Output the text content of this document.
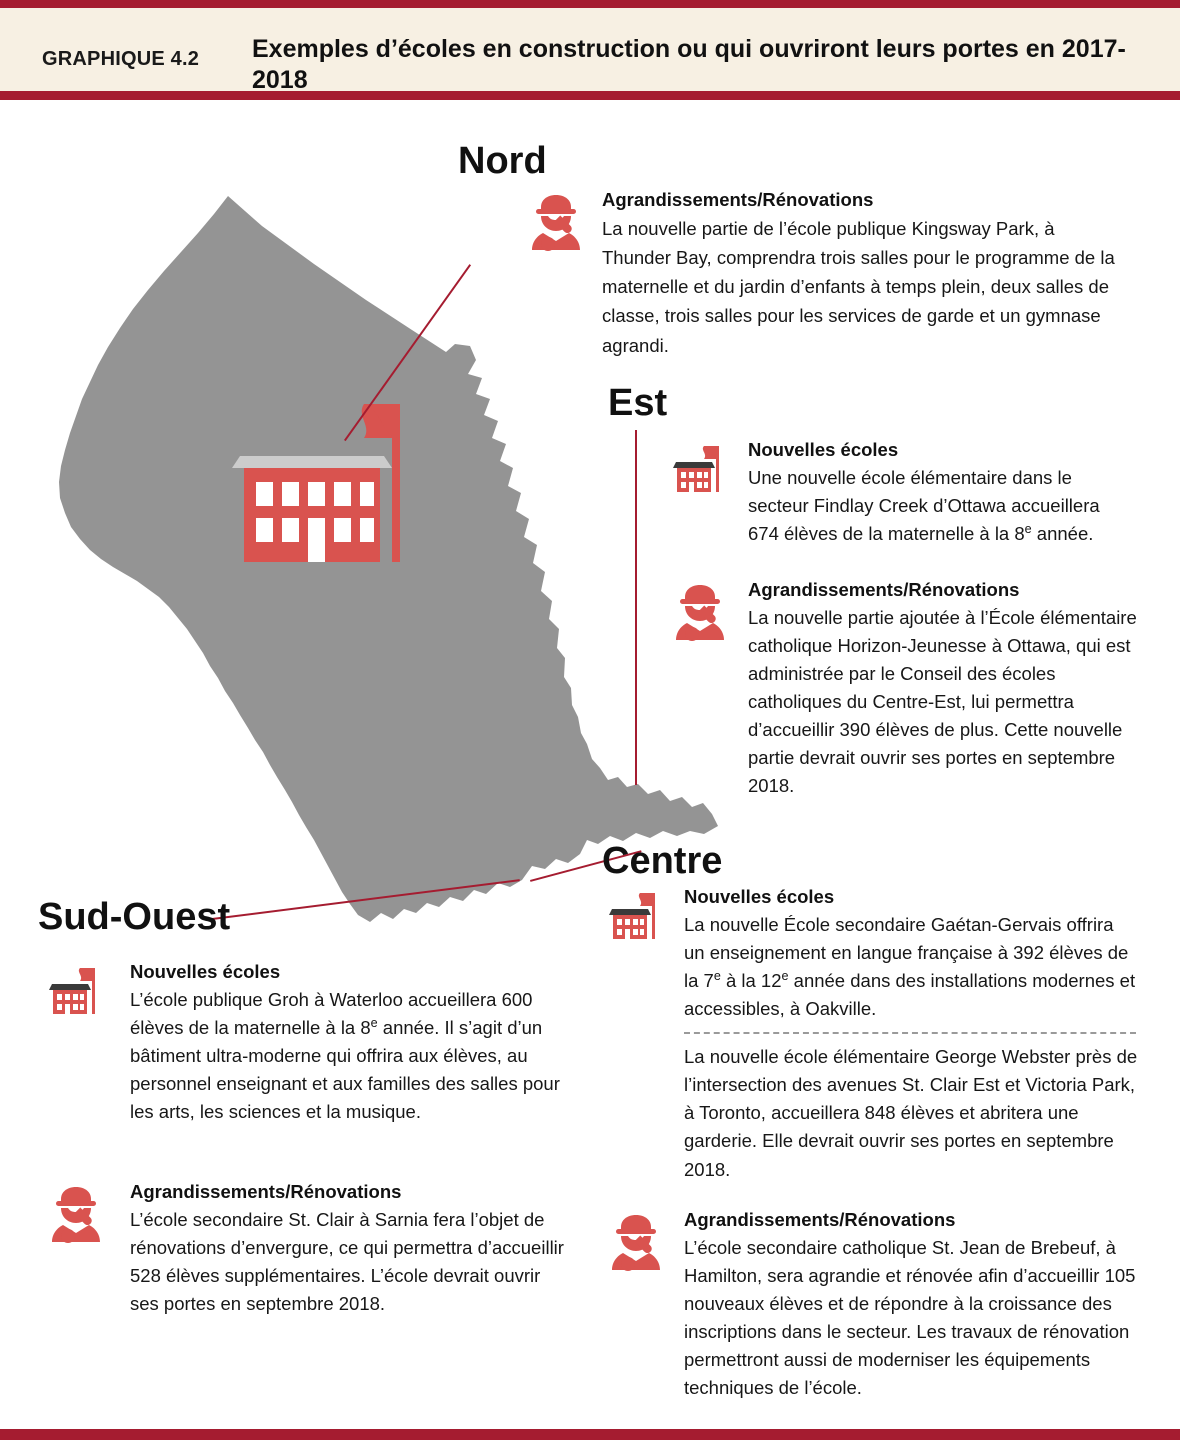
GRAPHIQUE 4.2 Exemples d’écoles en construction ou qui ouvriront leurs portes en 2017-2018
Nord
Est
Centre
Sud-Ouest
Agrandissements/Rénovations

La nouvelle partie de l’école publique Kingsway Park, à Thunder Bay, comprendra trois salles pour le programme de la maternelle et du jardin d’enfants à temps plein, deux salles de classe, trois salles pour les services de garde et un gymnase agrandi.

Nouvelles écoles

Une nouvelle école élémentaire dans le secteur Findlay Creek d’Ottawa accueillera 674 élèves de la maternelle à la 8e année.

Agrandissements/Rénovations

La nouvelle partie ajoutée à l’École élémentaire catholique Horizon-Jeunesse à Ottawa, qui est administrée par le Conseil des écoles catholiques du Centre-Est, lui permettra d’accueillir 390 élèves de plus. Cette nouvelle partie devrait ouvrir ses portes en septembre 2018.

Nouvelles écoles

La nouvelle École secondaire Gaétan-Gervais offrira un enseignement en langue française à 392 élèves de la 7e à la 12e année dans des installations modernes et accessibles, à Oakville.

La nouvelle école élémentaire George Webster près de l’intersection des avenues St. Clair Est et Victoria Park, à Toronto, accueillera 848 élèves et abritera une garderie. Elle devrait ouvrir ses portes en septembre 2018.

Agrandissements/Rénovations

L’école secondaire catholique St. Jean de Brebeuf, à Hamilton, sera agrandie et rénovée afin d’accueillir 105 nouveaux élèves et de répondre à la croissance des inscriptions dans le secteur. Les travaux de rénovation permettront aussi de moderniser les équipements techniques de l’école.

Nouvelles écoles

L’école publique Groh à Waterloo accueillera 600 élèves de la maternelle à la 8e année. Il s’agit d’un bâtiment ultra-moderne qui offrira aux élèves, au personnel enseignant et aux familles des salles pour les arts, les sciences et la musique.

Agrandissements/Rénovations

L’école secondaire St. Clair à Sarnia fera l’objet de rénovations d’envergure, ce qui permettra d’accueillir 528 élèves supplémentaires. L’école devrait ouvrir ses portes en septembre 2018.
